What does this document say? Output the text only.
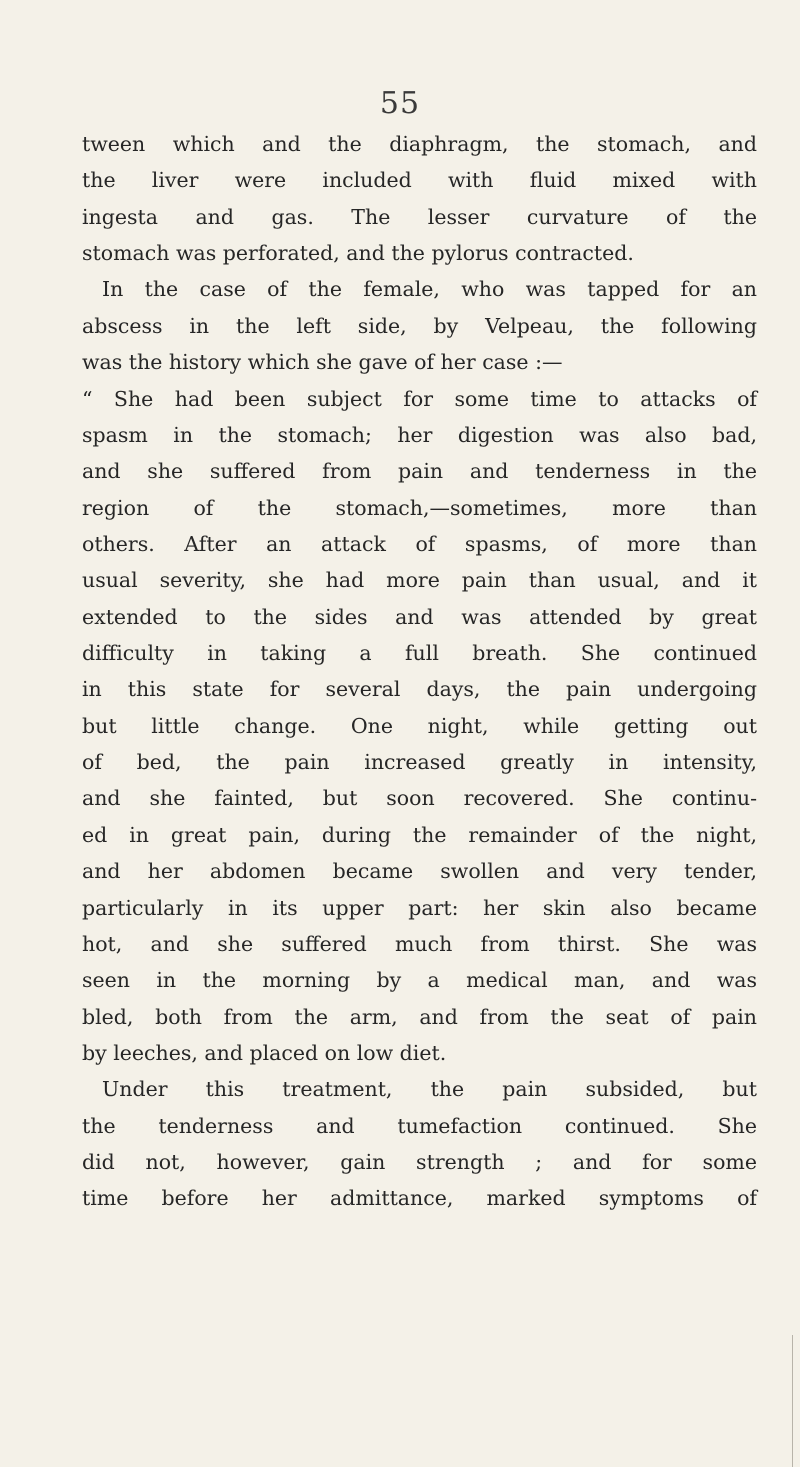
55
tween which and the diaphragm, the stomach, and
the liver were included with fluid mixed with
ingesta and gas. The lesser curvature of the
stomach was perforated, and the pylorus contracted.
In the case of the female, who was tapped for an
abscess in the left side, by Velpeau, the following
was the history which she gave of her case :—
“ She had been subject for some time to attacks of
spasm in the stomach; her digestion was also bad,
and she suffered from pain and tenderness in the
region of the stomach,—sometimes, more than
others. After an attack of spasms, of more than
usual severity, she had more pain than usual, and it
extended to the sides and was attended by great
difficulty in taking a full breath. She continued
in this state for several days, the pain undergoing
but little change. One night, while getting out
of bed, the pain increased greatly in intensity,
and she fainted, but soon recovered. She continu-
ed in great pain, during the remainder of the night,
and her abdomen became swollen and very tender,
particularly in its upper part: her skin also became
hot, and she suffered much from thirst. She was
seen in the morning by a medical man, and was
bled, both from the arm, and from the seat of pain
by leeches, and placed on low diet.
Under this treatment, the pain subsided, but
the tenderness and tumefaction continued. She
did not, however, gain strength ; and for some
time before her admittance, marked symptoms of
